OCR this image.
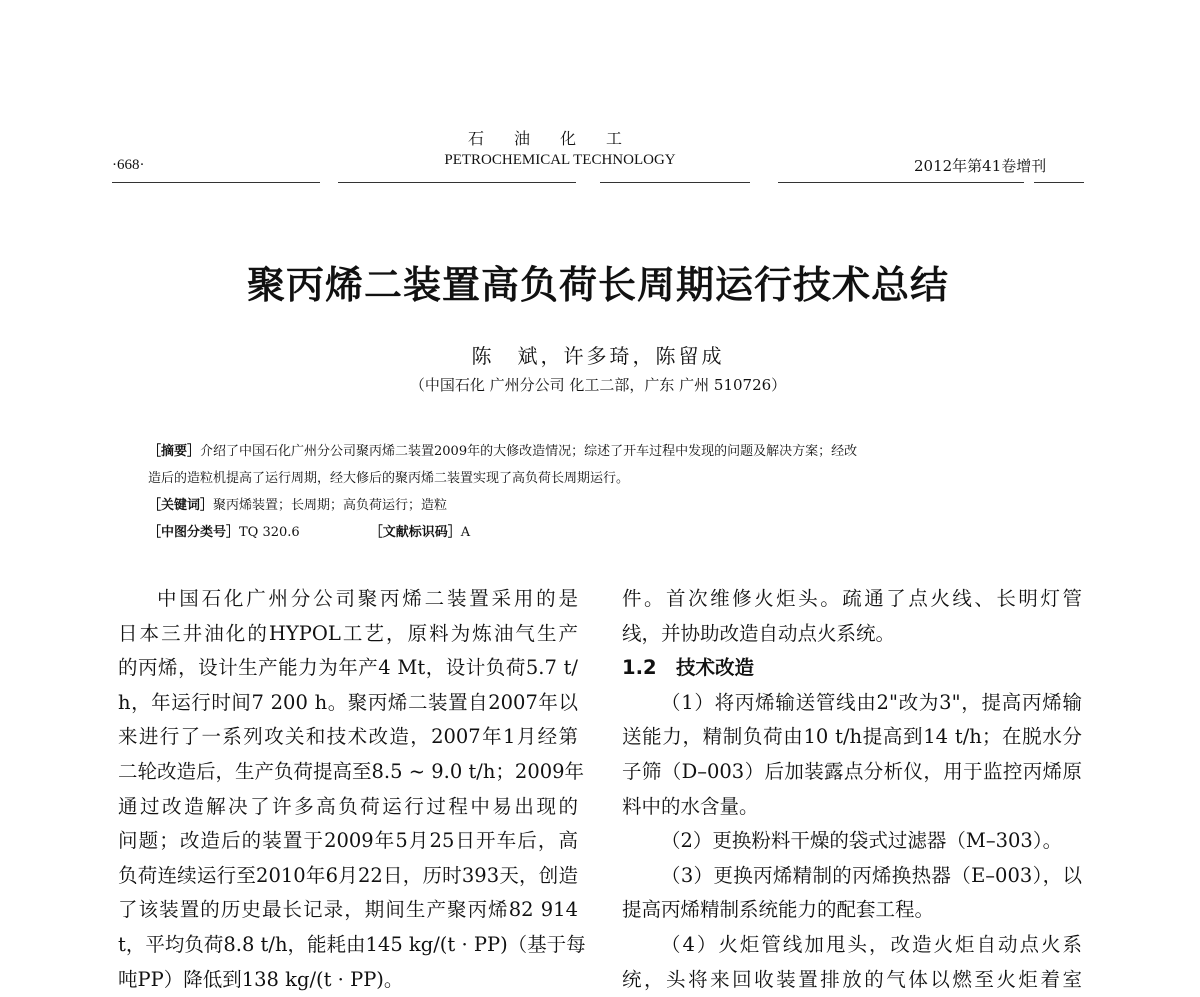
石油化工
PETROCHEMICAL TECHNOLOGY
·668·	2012年第41卷增刊
聚丙烯二装置高负荷长周期运行技术总结
陈　斌，许多琦，陈留成
（中国石化 广州分公司 化工二部，广东 广州 510726）
［摘要］介绍了中国石化广州分公司聚丙烯二装置2009年的大修改造情况；综述了开车过程中发现的问题及解决方案；经改
造后的造粒机提高了运行周期，经大修后的聚丙烯二装置实现了高负荷长周期运行。
［关键词］聚丙烯装置；长周期；高负荷运行；造粒
［中图分类号］TQ 320.6	［文献标识码］A
中国石化广州分公司聚丙烯二装置采用的是
日本三井油化的HYPOL工艺，原料为炼油气生产
的丙烯，设计生产能力为年产4 Mt，设计负荷5.7 t/
h，年运行时间7 200 h。聚丙烯二装置自2007年以
来进行了一系列攻关和技术改造，2007年1月经第
二轮改造后，生产负荷提高至8.5 ~ 9.0 t/h；2009年
通过改造解决了许多高负荷运行过程中易出现的
问题；改造后的装置于2009年5月25日开车后，高
负荷连续运行至2010年6月22日，历时393天，创造
了该装置的历史最长记录，期间生产聚丙烯82 914
t，平均负荷8.8 t/h，能耗由145 kg/(t · PP)（基于每
吨PP）降低到138 kg/(t · PP)。
件。首次维修火炬头。疏通了点火线、长明灯管
线，并协助改造自动点火系统。
1.2　技术改造
（1）将丙烯输送管线由2"改为3"，提高丙烯输
送能力，精制负荷由10 t/h提高到14 t/h；在脱水分
子筛（D–003）后加装露点分析仪，用于监控丙烯原
料中的水含量。
（2）更换粉料干燥的袋式过滤器（M–303）。
（3）更换丙烯精制的丙烯换热器（E–003），以
提高丙烯精制系统能力的配套工程。
（4）火炬管线加甩头，改造火炬自动点火系
统，头将来回收装置排放的气体以燃至火炬着室
